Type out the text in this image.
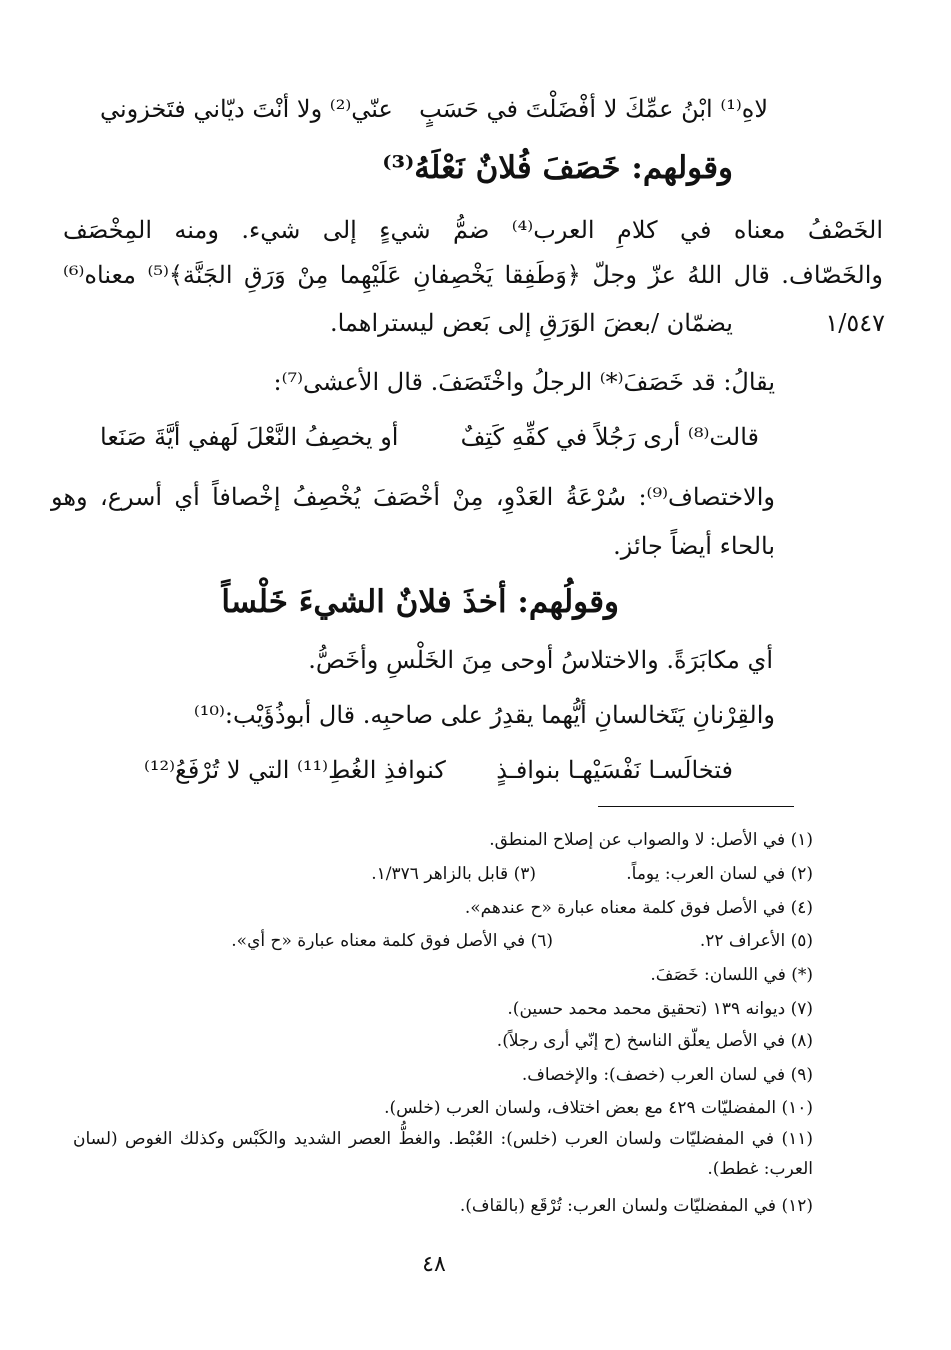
لاهِ⁽¹⁾ ابْنُ عمِّكَ لا أفْضَلْتَ في حَسَبٍ
عنّي⁽²⁾ ولا أنْتَ ديّاني فتَخزوني
وقولهم: خَصَفَ فُلانٌ نَعْلَهُ⁽³⁾
الخَصْفُ معناه في كلامِ العرب⁽⁴⁾ ضمُّ شيءٍ إلى شيء. ومنه المِخْصَف
والخَصّاف. قال اللهُ عزّ وجلّ ﴿وَطَفِقا يَخْصِفانِ عَلَيْهِما مِنْ وَرَقِ الجَنَّة﴾⁽⁵⁾ معناه⁽⁶⁾
يضمّان /بعضَ الوَرَقِ إلى بَعض ليستراهما.	١/٥٤٧
يقالُ: قد خَصَفَ⁽*⁾ الرجلُ واخْتَصَفَ. قال الأعشى⁽⁷⁾:
قالت⁽⁸⁾ أرى رَجُلاً في كفِّهِ كَتِفٌ
أو يخصِفُ النَّعْلَ لَهفي أيَّةَ صَنَعا
والاختصاف⁽⁹⁾: سُرْعَةُ العَدْوِ، مِنْ أخْصَفَ يُخْصِفُ إخْصافاً أي أسرع، وهو
بالحاء أيضاً جائز.
وقولُهم: أخذَ فلانٌ الشيءَ خَلْساً
أي مكابَرَةً. والاختلاسُ أوحى مِنَ الخَلْسِ وأخَصُّ.
والقِرْنانِ يَتَخالسانِ أيُّهما يقدِرُ على صاحبِه. قال أبوذُؤَيْب:⁽¹⁰⁾
فتخالَسـا نَفْسَيْهـا بنوافـذٍ
كنوافذِ الغُطِ⁽¹¹⁾ التي لا تُرْفَعُ⁽¹²⁾
(١) في الأصل: لا والصواب عن إصلاح المنطق.
(٢) في لسان العرب: يوماً.
(٣) قابل بالزاهر ١/٣٧٦.
(٤) في الأصل فوق كلمة معناه عبارة «ح عندهم».
(٥) الأعراف ٢٢.
(٦) في الأصل فوق كلمة معناه عبارة «ح أي».
(*) في اللسان: خَصَفَ.
(٧) ديوانه ١٣٩ (تحقيق محمد محمد حسين).
(٨) في الأصل يعلّق الناسخ (ح إنّي أرى رجلاً).
(٩) في لسان العرب (خصف): والإخصاف.
(١٠) المفضليّات ٤٢٩ مع بعض اختلاف، ولسان العرب (خلس).
(١١) في المفضليّات ولسان العرب (خلس): العُبْط. والغطُّ العصر الشديد والكَبْس وكذلك الغوص (لسان العرب: غطط).
(١٢) في المفضليّات ولسان العرب: تُرْقَع (بالقاف).
٤٨
